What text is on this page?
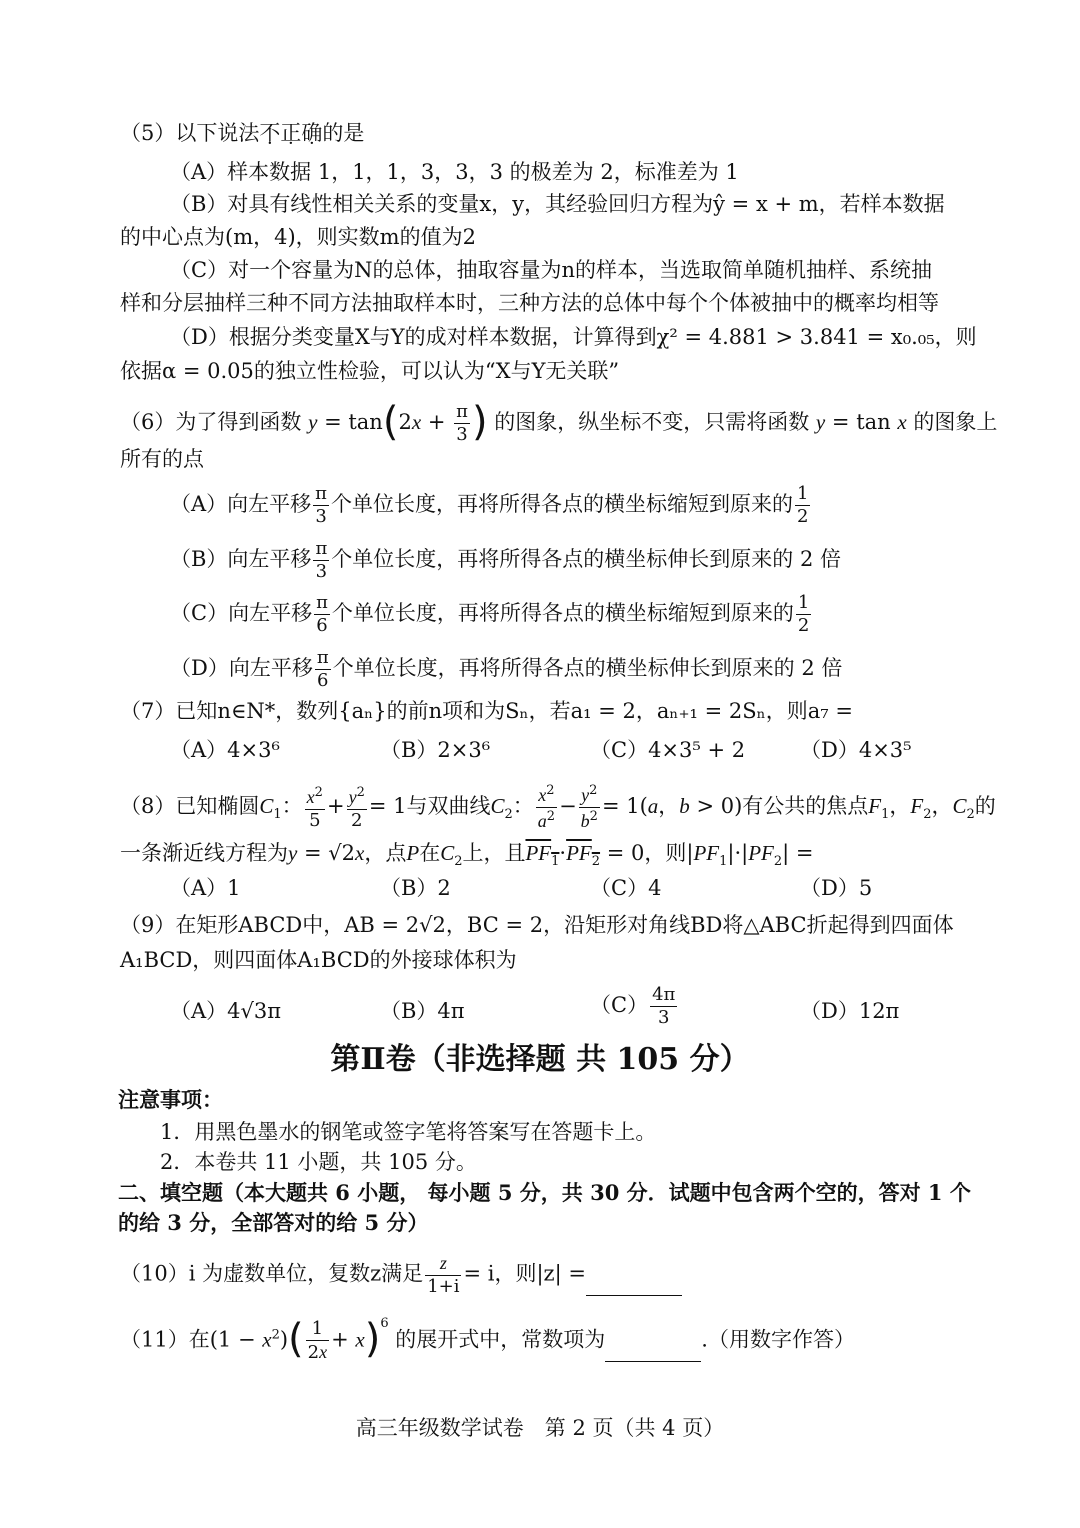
（5）以下说法不正确的是
（A）样本数据 1，1，1，3，3，3 的极差为 2，标准差为 1
（B）对具有线性相关关系的变量x，y，其经验回归方程为ŷ = x + m，若样本数据
的中心点为(m，4)，则实数m的值为2
（C）对一个容量为N的总体，抽取容量为n的样本，当选取简单随机抽样、系统抽
样和分层抽样三种不同方法抽取样本时，三种方法的总体中每个个体被抽中的概率均相等
（D）根据分类变量X与Y的成对样本数据，计算得到χ² = 4.881 > 3.841 = x₀.₀₅，则
依据α = 0.05的独立性检验，可以认为“X与Y无关联”
（6）为了得到函数 $y = \tan(2x + \frac{\pi}{3}$ ) 的图象，纵坐标不变，只需将函数 y = tan x 的图象上
所有的点
（A）向左平移 $\frac{\pi}{3}$ 个单位长度，再将所得各点的横坐标缩短到原来的 $\frac{1}{2}$
（B）向左平移 $\frac{\pi}{3}$ 个单位长度，再将所得各点的横坐标伸长到原来的 2 倍
（C）向左平移 $\frac{\pi}{6}$ 个单位长度，再将所得各点的横坐标缩短到原来的 $\frac{1}{2}$
（D）向左平移 $\frac{\pi}{6}$ 个单位长度，再将所得各点的横坐标伸长到原来的 2 倍
（7）已知n∈N*，数列{aₙ}的前n项和为Sₙ，若a₁ = 2，aₙ₊₁ = 2Sₙ，则a₇ =
（A）4×3⁶	（B）2×3⁶	（C）4×3⁵ + 2	（D）4×3⁵
（8）已知椭圆$C_1$： $\frac{x^2}{5} + \frac{y^2}{2} = 1$与双曲线$C_2$： $\frac{x^2}{a^2} - \frac{y^2}{b^2} = 1(a$，b > 0)有公共的焦点$F_1$，$F_2$，$C_2$的
一条渐近线方程为y = √2x，点P在$C_2$上，且$PF_1\cdot PF_2 = 0$，则$|PF_1|\cdot|PF_2|$ =
（A）1	（B）2	（C）4	（D）5
（9）在矩形ABCD中，AB = 2√2，BC = 2，沿矩形对角线BD将△ABC折起得到四面体
A₁BCD，则四面体A₁BCD的外接球体积为
（A）4√3π	（B）4π	$(C) \frac{4\pi}{3}$	（D）12π
第Ⅱ卷（非选择题 共 105 分）
注意事项：
1．用黑色墨水的钢笔或签字笔将答案写在答题卡上。
2．本卷共 11 小题，共 105 分。
二、填空题（本大题共 6 小题， 每小题 5 分，共 30 分．试题中包含两个空的，答对 1 个
的给 3 分，全部答对的给 5 分）
（10）i 为虚数单位，复数z满足 $\frac{z}{1+i} = i$，则|z| =
（11）在$(1 - x^2)( \frac{1}{2x} + x)^6$ 的展开式中，常数项为	.（用数字作答）
高三年级数学试卷　第 2 页（共 4 页）
